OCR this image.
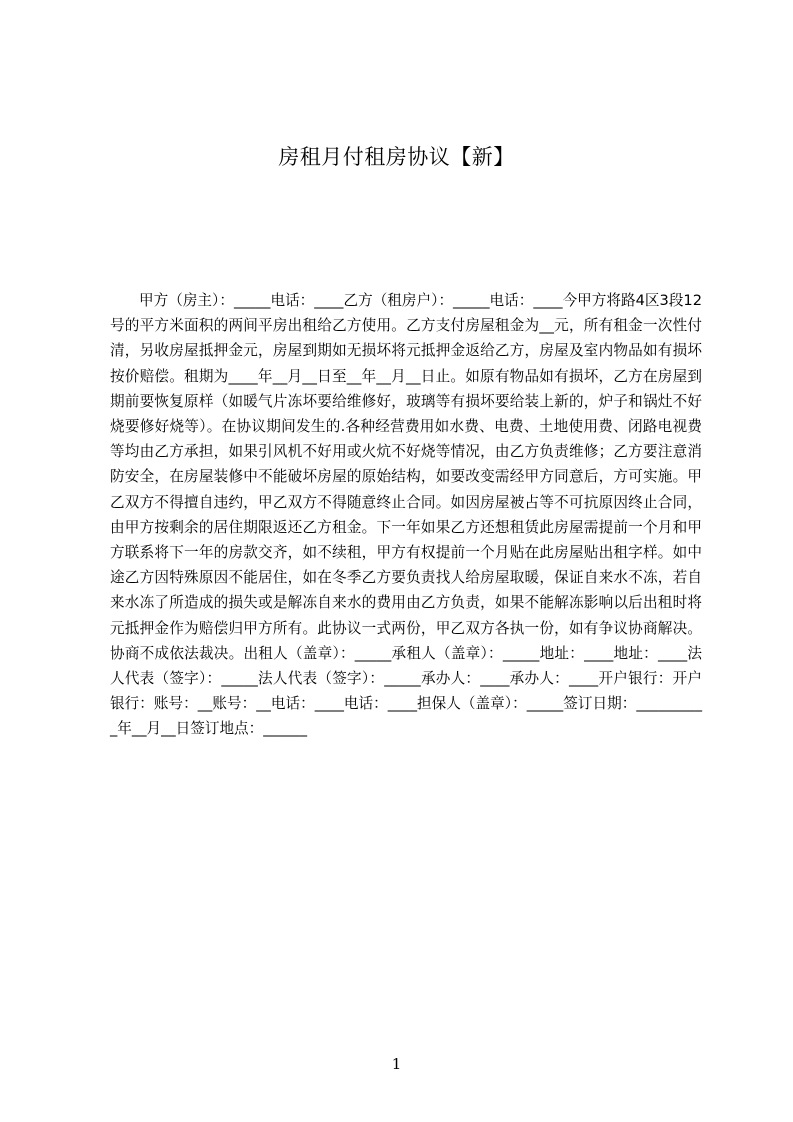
房租月付租房协议【新】

甲方（房主）：_____电话：____乙方（租房户）：_____电话：____今甲方将路4区3段12号的平方米面积的两间平房出租给乙方使用。乙方支付房屋租金为__元，所有租金一次性付清，另收房屋抵押金元，房屋到期如无损坏将元抵押金返给乙方，房屋及室内物品如有损坏按价赔偿。租期为____年__月__日至__年__月__日止。如原有物品如有损坏，乙方在房屋到期前要恢复原样（如暖气片冻坏要给维修好，玻璃等有损坏要给装上新的，炉子和锅灶不好烧要修好烧等）。在协议期间发生的.各种经营费用如水费、电费、土地使用费、闭路电视费等均由乙方承担，如果引风机不好用或火炕不好烧等情况，由乙方负责维修；乙方要注意消防安全，在房屋装修中不能破坏房屋的原始结构，如要改变需经甲方同意后，方可实施。甲乙双方不得擅自违约，甲乙双方不得随意终止合同。如因房屋被占等不可抗原因终止合同，由甲方按剩余的居住期限返还乙方租金。下一年如果乙方还想租赁此房屋需提前一个月和甲方联系将下一年的房款交齐，如不续租，甲方有权提前一个月贴在此房屋贴出租字样。如中途乙方因特殊原因不能居住，如在冬季乙方要负责找人给房屋取暖，保证自来水不冻，若自来水冻了所造成的损失或是解冻自来水的费用由乙方负责，如果不能解冻影响以后出租时将元抵押金作为赔偿归甲方所有。此协议一式两份，甲乙双方各执一份，如有争议协商解决。协商不成依法裁决。出租人（盖章）：_____承租人（盖章）：_____地址：____地址：____法人代表（签字）：_____法人代表（签字）：_____承办人：____承办人：____开户银行：开户银行：账号：__账号：__电话：____电话：____担保人（盖章）：_____签订日期：__________年__月__日签订地点：______

1
